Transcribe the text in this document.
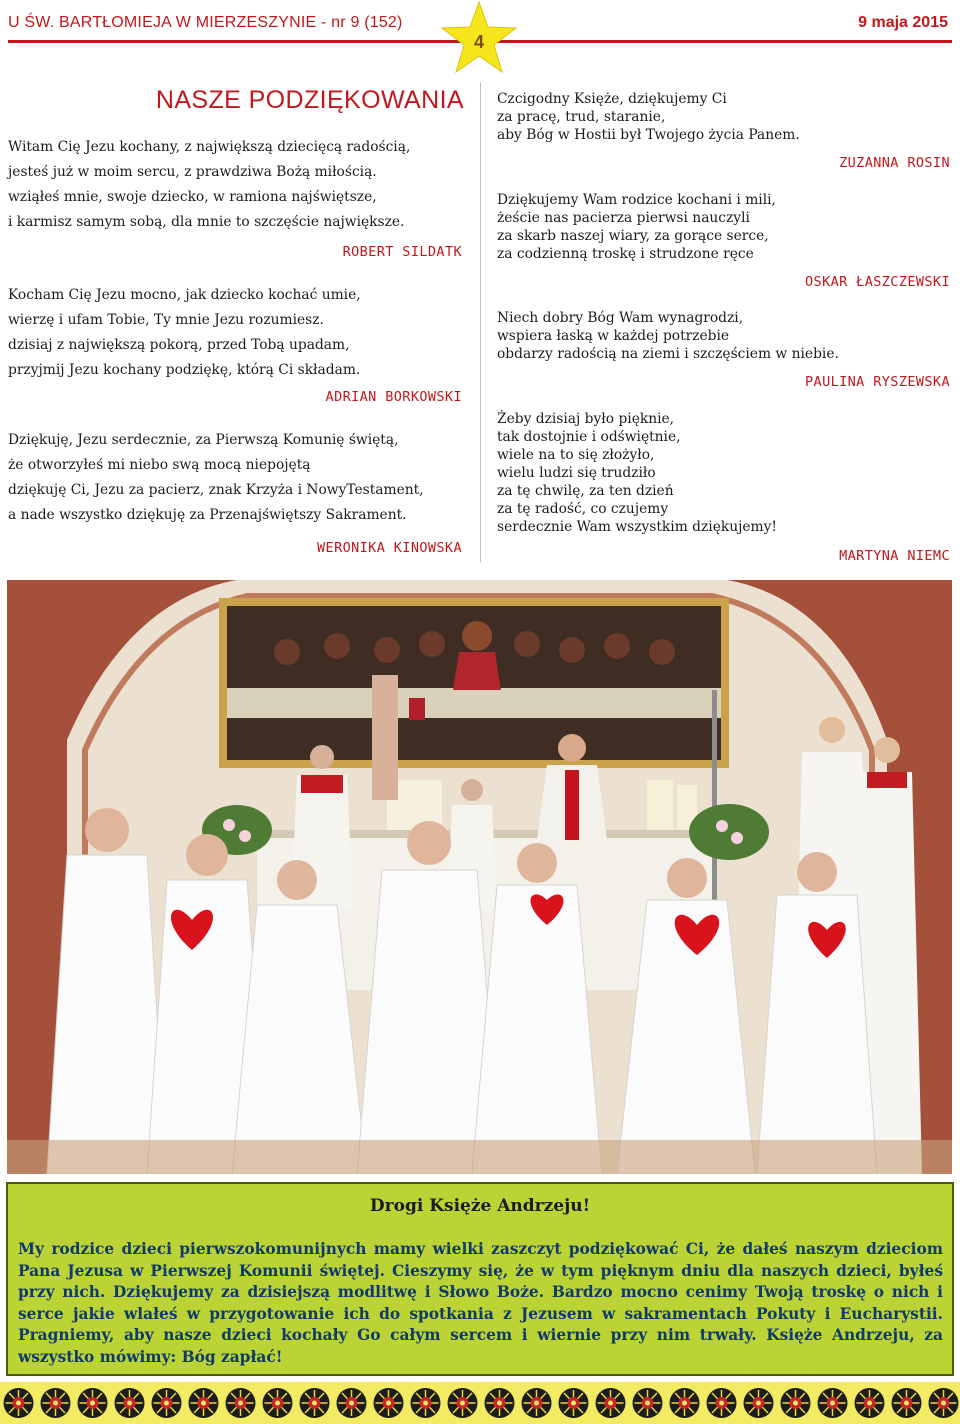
U ŚW. BARTŁOMIEJA W MIERZESZYNIE - nr 9 (152)	9 maja 2015
4
NASZE PODZIĘKOWANIA
Witam Cię Jezu kochany, z największą dziecięcą radością,
jesteś już w moim sercu, z prawdziwa Bożą miłością.
wziąłeś mnie, swoje dziecko, w ramiona najświętsze,
i karmisz samym sobą, dla mnie to szczęście największe.
ROBERT SILDATK
Kocham Cię Jezu mocno, jak dziecko kochać umie,
wierzę i ufam Tobie, Ty mnie Jezu rozumiesz.
dzisiaj z największą pokorą, przed Tobą upadam,
przyjmij Jezu kochany podziękę, którą Ci składam.
ADRIAN BORKOWSKI
Dziękuję, Jezu serdecznie, za Pierwszą Komunię świętą,
że otworzyłeś mi niebo swą mocą niepojętą
dziękuję Ci, Jezu za pacierz, znak Krzyża i NowyTestament,
a nade wszystko dziękuję za Przenajświętszy Sakrament.
WERONIKA KINOWSKA
Czcigodny Księże, dziękujemy Ci
za pracę, trud, staranie,
aby Bóg w Hostii był Twojego życia Panem.
ZUZANNA ROSIN
Dziękujemy Wam rodzice kochani i mili,
żeście nas pacierza pierwsi nauczyli
za skarb naszej wiary, za gorące serce,
za codzienną troskę i strudzone ręce
OSKAR ŁASZCZEWSKI
Niech dobry Bóg Wam wynagrodzi,
wspiera łaską w każdej potrzebie
obdarzy radością na ziemi i szczęściem w niebie.
PAULINA RYSZEWSKA
Żeby dzisiaj było pięknie,
tak dostojnie i odświętnie,
wiele na to się złożyło,
wielu ludzi się trudziło
za tę chwilę, za ten dzień
za tę radość, co czujemy
serdecznie Wam wszystkim dziękujemy!
MARTYNA NIEMC
Drogi Księże Andrzeju!
My rodzice dzieci pierwszokomunijnych mamy wielki zaszczyt podziękować Ci, że dałeś naszym dzieciom Pana Jezusa w Pierwszej Komunii świętej. Cieszymy się, że w tym pięknym dniu dla naszych dzieci, byłeś przy nich. Dziękujemy za dzisiejszą modlitwę i Słowo Boże. Bardzo mocno cenimy Twoją troskę o nich i serce jakie wlałeś w przygotowanie ich do spotkania z Jezusem w sakramentach Pokuty i Eucharystii. Pragniemy, aby nasze dzieci kochały Go całym sercem i wiernie przy nim trwały. Księże Andrzeju, za wszystko mówimy: Bóg zapłać!
